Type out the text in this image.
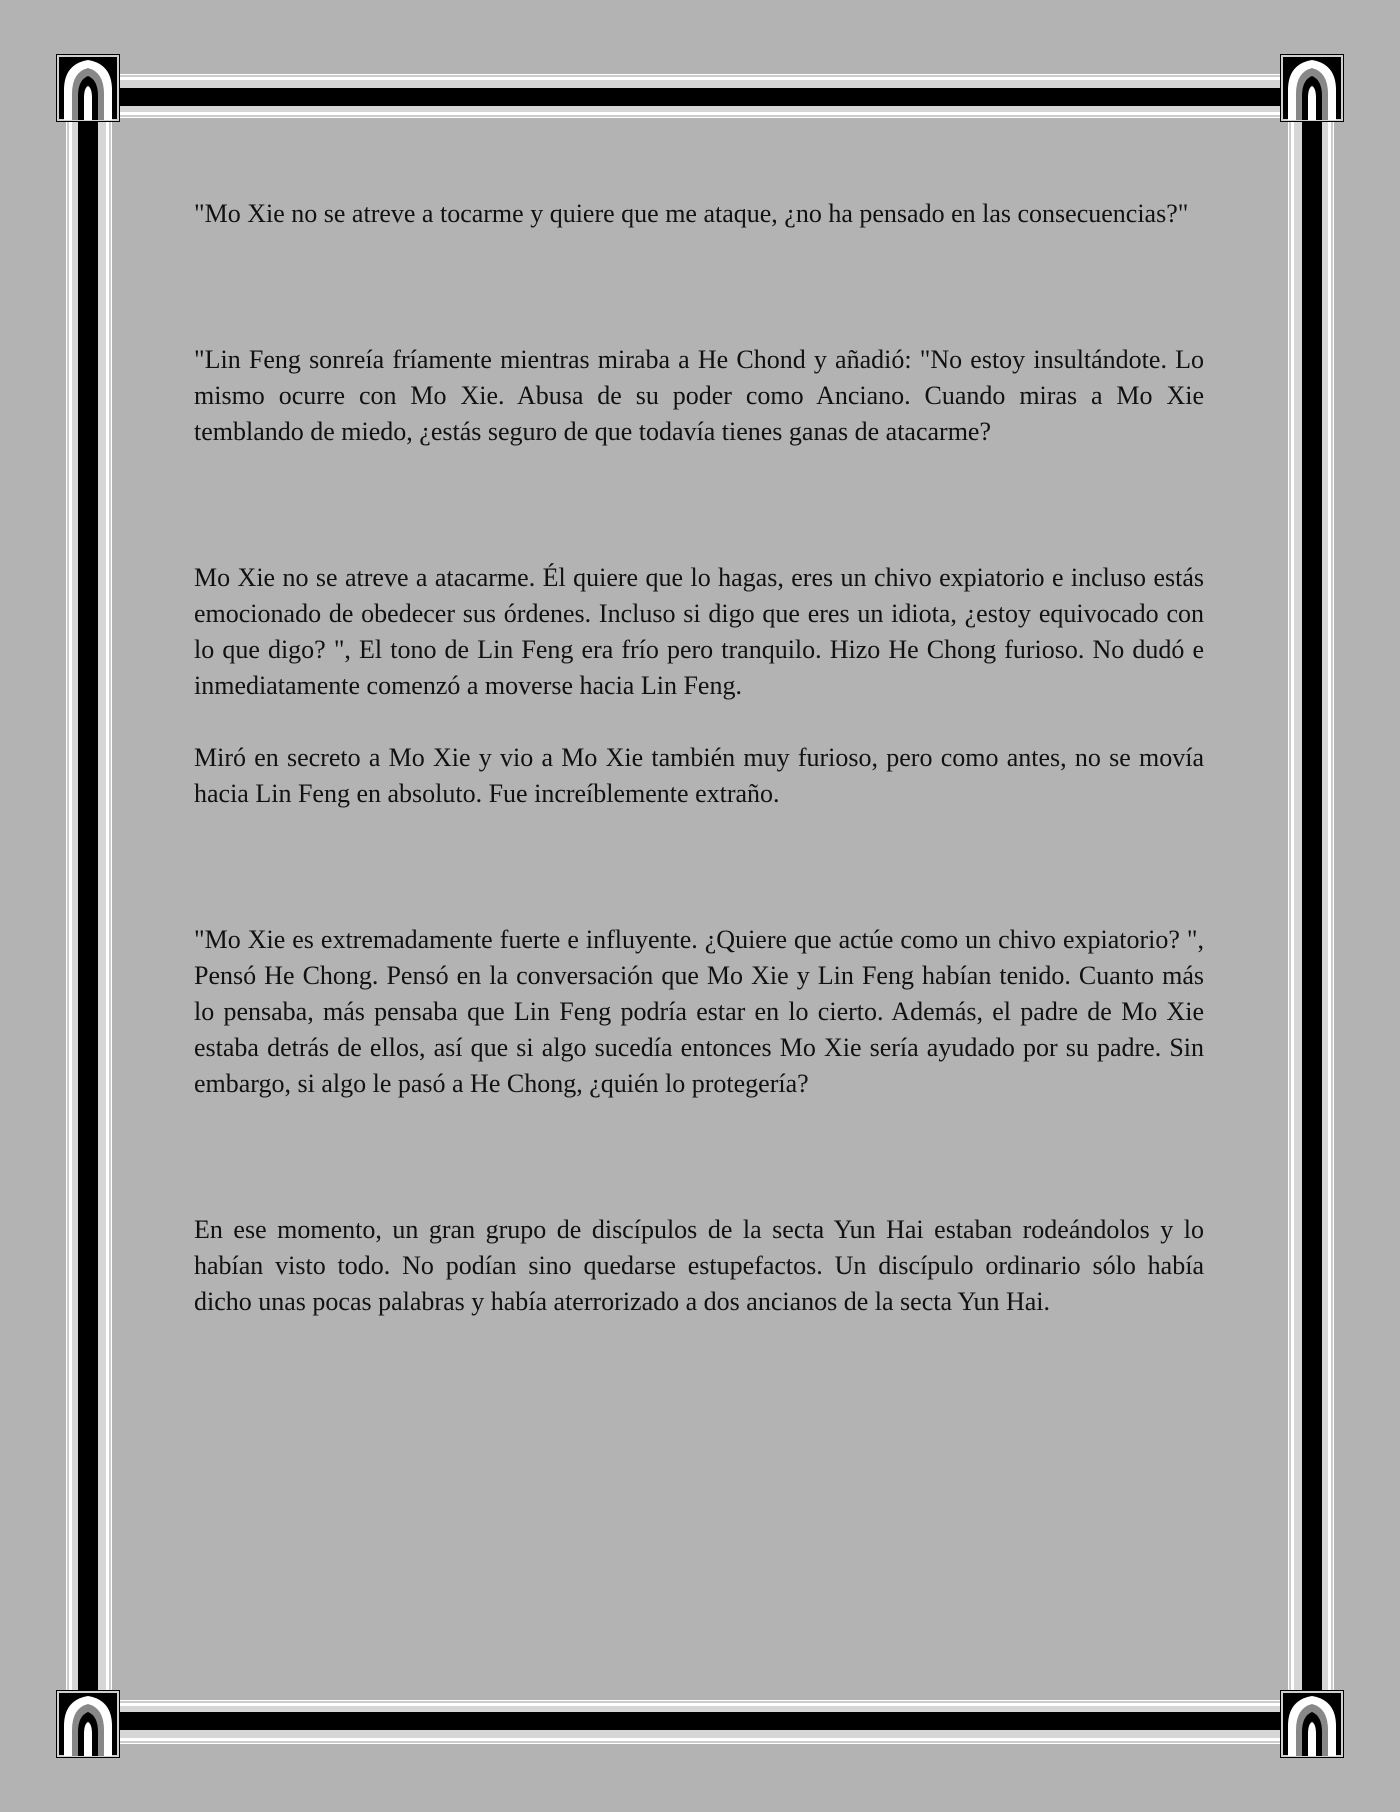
"Mo Xie no se atreve a tocarme y quiere que me ataque, ¿no ha pensado en las consecuencias?"

"Lin Feng sonreía fríamente mientras miraba a He Chond y añadió: "No estoy insultándote. Lo mismo ocurre con Mo Xie. Abusa de su poder como Anciano. Cuando miras a Mo Xie temblando de miedo, ¿estás seguro de que todavía tienes ganas de atacarme?

Mo Xie no se atreve a atacarme. Él quiere que lo hagas, eres un chivo expiatorio e incluso estás emocionado de obedecer sus órdenes. Incluso si digo que eres un idiota, ¿estoy equivocado con lo que digo? ", El tono de Lin Feng era frío pero tranquilo. Hizo He Chong furioso. No dudó e inmediatamente comenzó a moverse hacia Lin Feng.

Miró en secreto a Mo Xie y vio a Mo Xie también muy furioso, pero como antes, no se movía hacia Lin Feng en absoluto. Fue increíblemente extraño.

"Mo Xie es extremadamente fuerte e influyente. ¿Quiere que actúe como un chivo expiatorio? ", Pensó He Chong. Pensó en la conversación que Mo Xie y Lin Feng habían tenido. Cuanto más lo pensaba, más pensaba que Lin Feng podría estar en lo cierto. Además, el padre de Mo Xie estaba detrás de ellos, así que si algo sucedía entonces Mo Xie sería ayudado por su padre. Sin embargo, si algo le pasó a He Chong, ¿quién lo protegería?

En ese momento, un gran grupo de discípulos de la secta Yun Hai estaban rodeándolos y lo habían visto todo. No podían sino quedarse estupefactos. Un discípulo ordinario sólo había dicho unas pocas palabras y había aterrorizado a dos ancianos de la secta Yun Hai.
